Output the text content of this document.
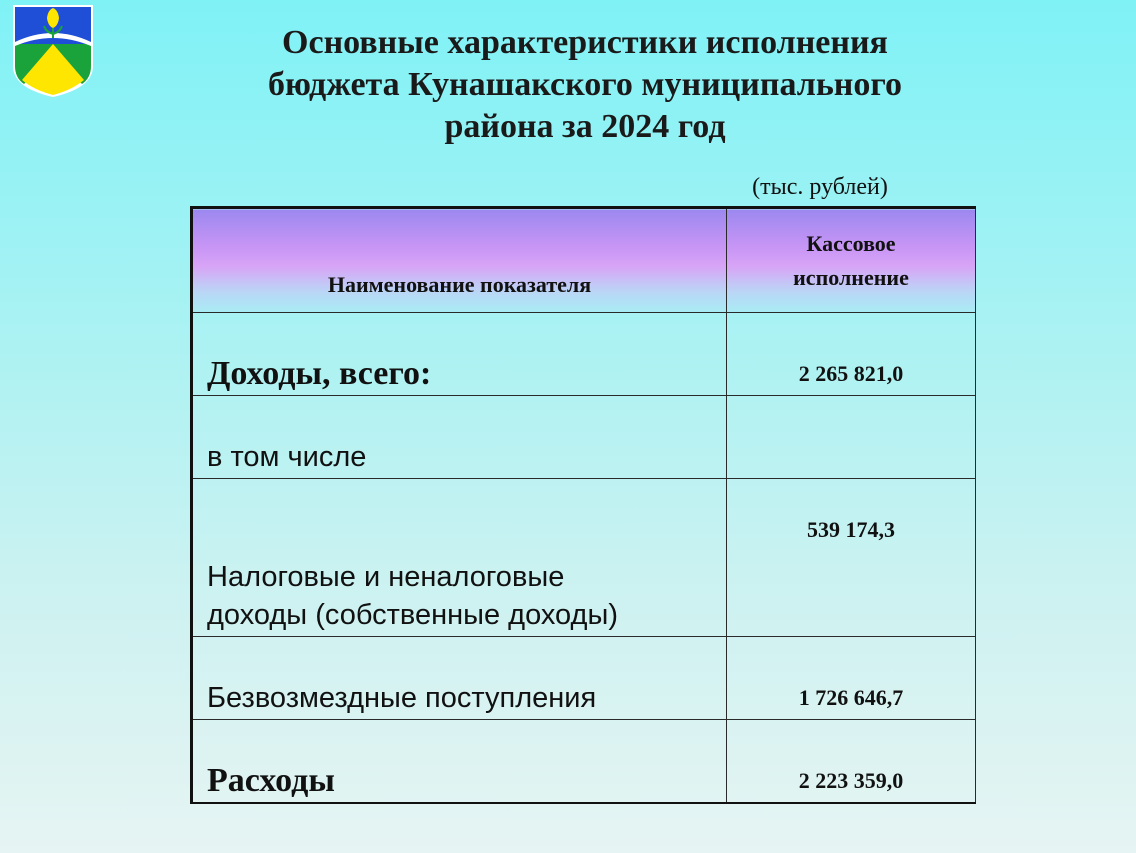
Основные характеристики исполнения
бюджета Кунашакского муниципального
района за 2024 год
(тыс. рублей)
Наименование показателя	Кассовое
исполнение
Доходы, всего:	2 265 821,0
в том числе	
Налоговые и неналоговые
доходы (собственные доходы)	539 174,3
Безвозмездные поступления	1 726 646,7
Расходы	2 223 359,0
